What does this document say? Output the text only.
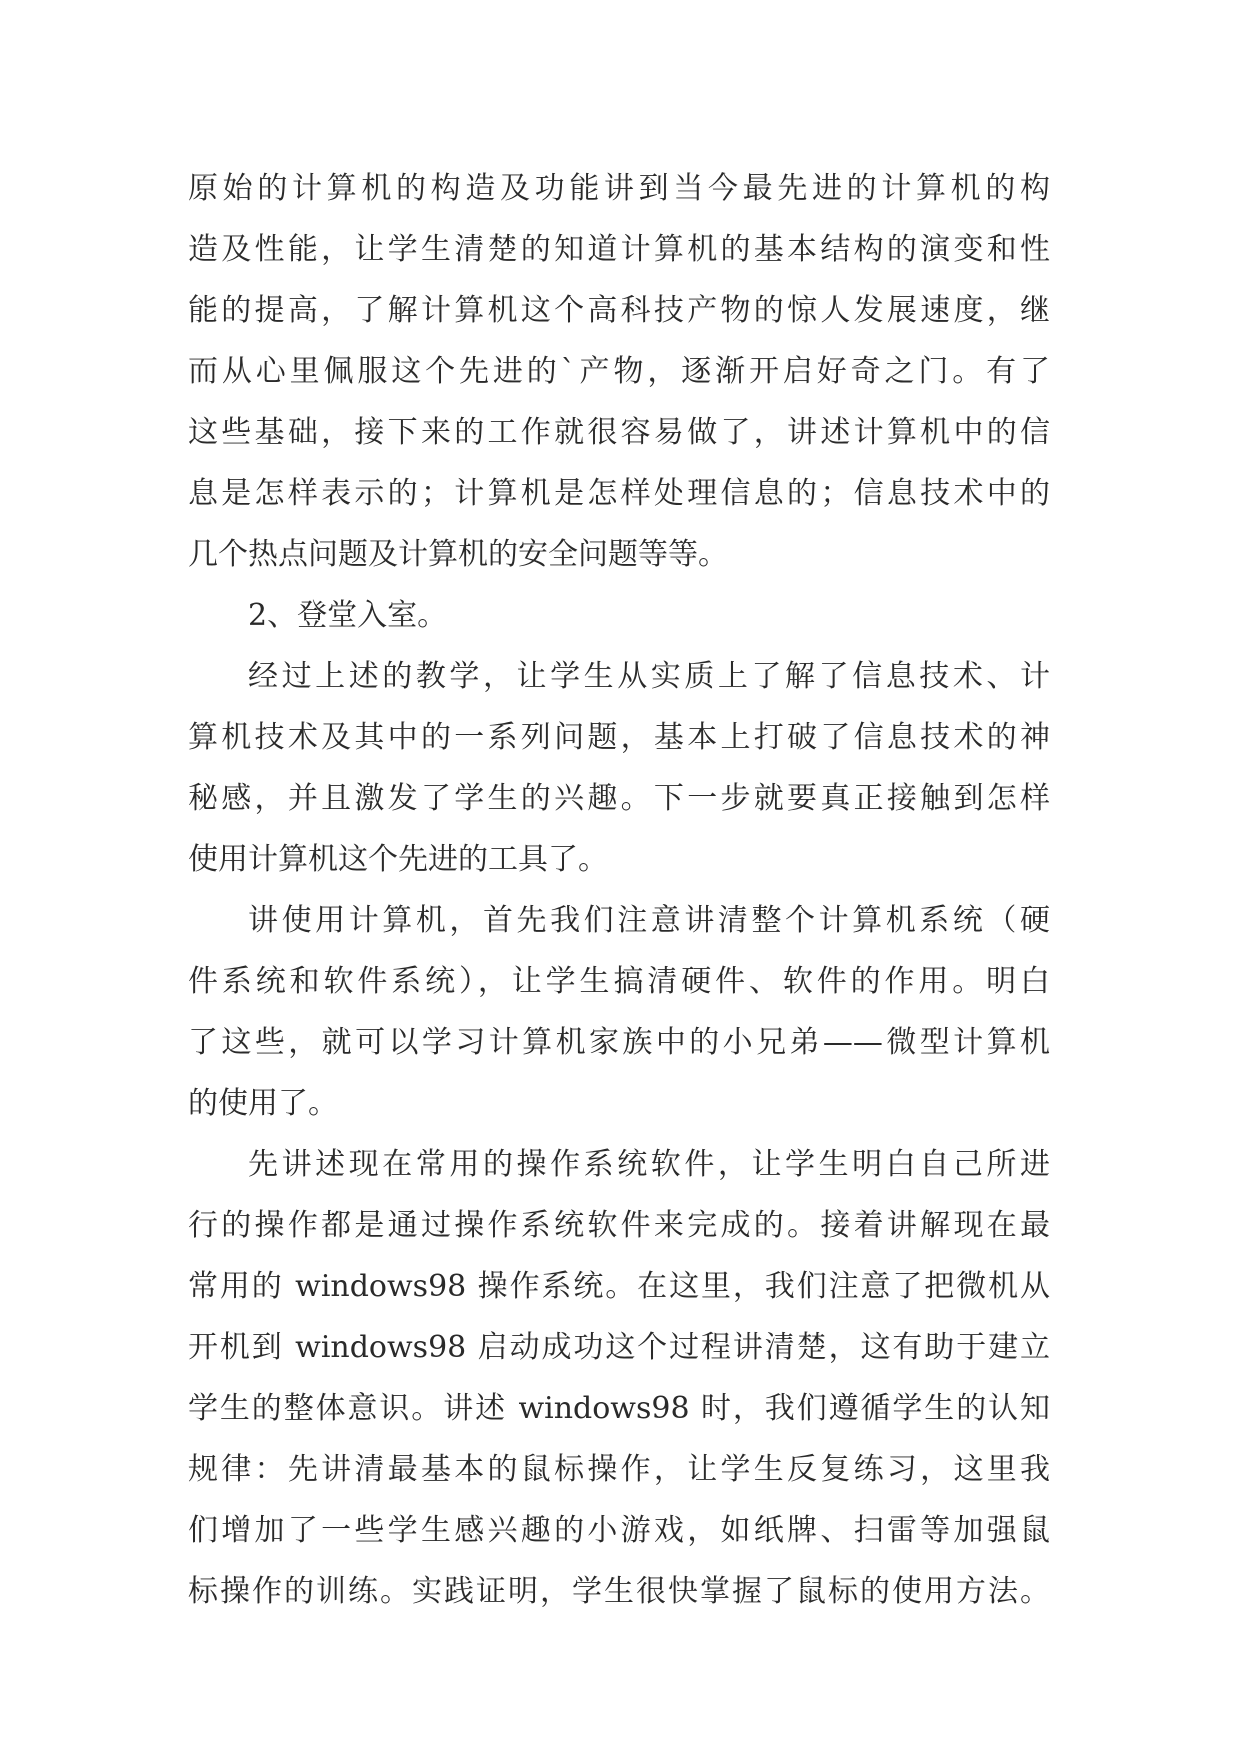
原始的计算机的构造及功能讲到当今最先进的计算机的构
造及性能，让学生清楚的知道计算机的基本结构的演变和性
能的提高，了解计算机这个高科技产物的惊人发展速度，继
而从心里佩服这个先进的`产物，逐渐开启好奇之门。有了
这些基础，接下来的工作就很容易做了，讲述计算机中的信
息是怎样表示的；计算机是怎样处理信息的；信息技术中的
几个热点问题及计算机的安全问题等等。
2、登堂入室。
经过上述的教学，让学生从实质上了解了信息技术、计
算机技术及其中的一系列问题，基本上打破了信息技术的神
秘感，并且激发了学生的兴趣。下一步就要真正接触到怎样
使用计算机这个先进的工具了。
讲使用计算机，首先我们注意讲清整个计算机系统（硬
件系统和软件系统），让学生搞清硬件、软件的作用。明白
了这些，就可以学习计算机家族中的小兄弟——微型计算机
的使用了。
先讲述现在常用的操作系统软件，让学生明白自己所进
行的操作都是通过操作系统软件来完成的。接着讲解现在最
常用的 windows98 操作系统。在这里，我们注意了把微机从
开机到 windows98 启动成功这个过程讲清楚，这有助于建立
学生的整体意识。讲述 windows98 时，我们遵循学生的认知
规律：先讲清最基本的鼠标操作，让学生反复练习，这里我
们增加了一些学生感兴趣的小游戏，如纸牌、扫雷等加强鼠
标操作的训练。实践证明，学生很快掌握了鼠标的使用方法。
